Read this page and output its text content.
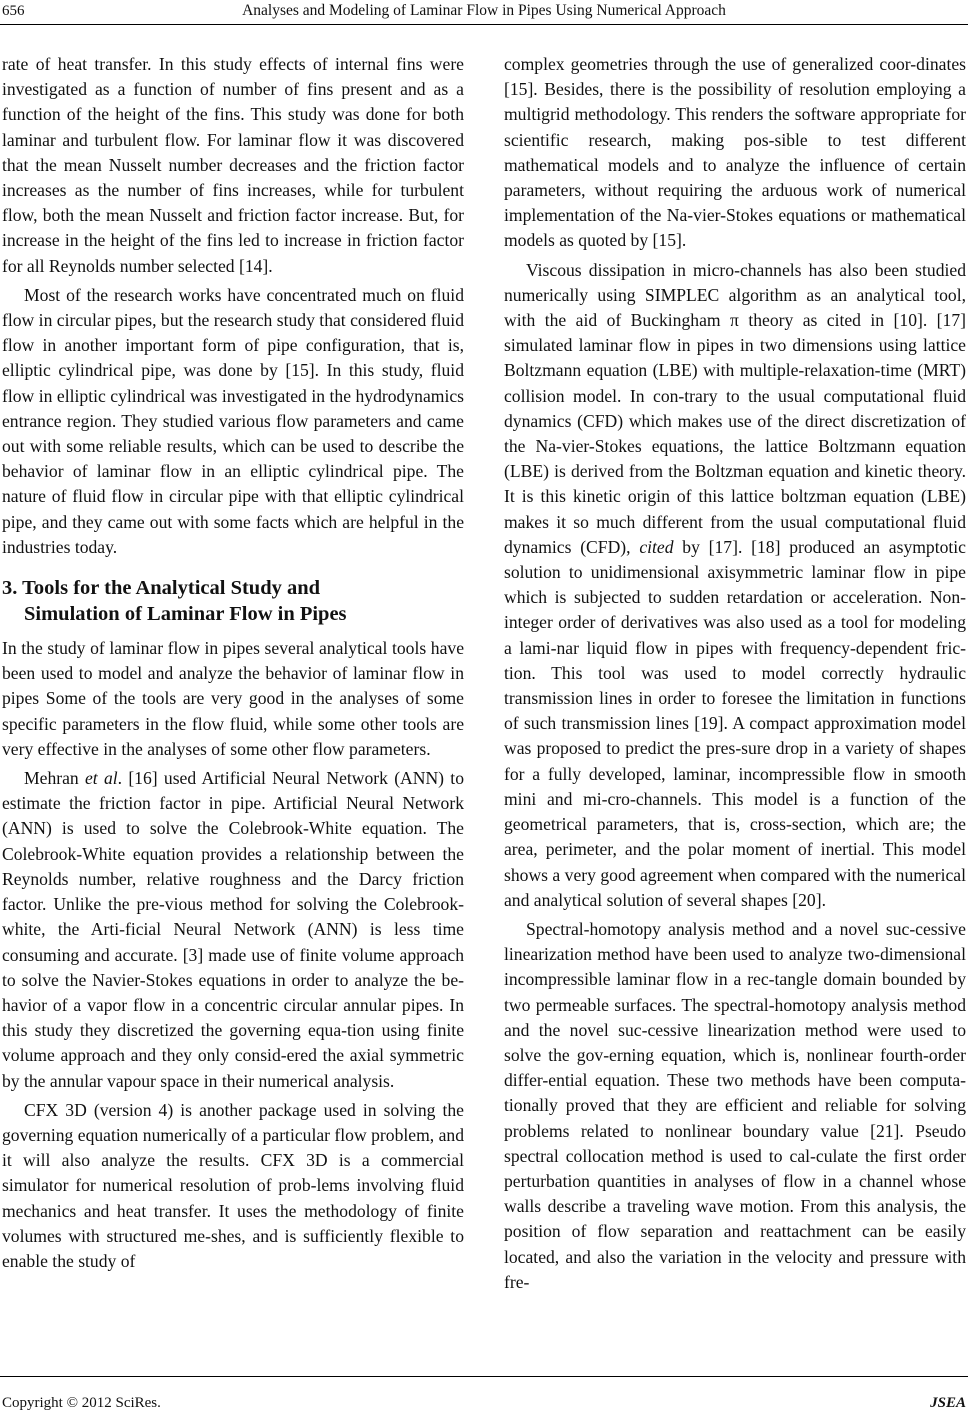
656	Analyses and Modeling of Laminar Flow in Pipes Using Numerical Approach

rate of heat transfer. In this study effects of internal fins were investigated as a function of number of fins present and as a function of the height of the fins. This study was done for both laminar and turbulent flow. For laminar flow it was discovered that the mean Nusselt number decreases and the friction factor increases as the number of fins increases, while for turbulent flow, both the mean Nusselt and friction factor increase. But, for increase in the height of the fins led to increase in friction factor for all Reynolds number selected [14].

Most of the research works have concentrated much on fluid flow in circular pipes, but the research study that considered fluid flow in another important form of pipe configuration, that is, elliptic cylindrical pipe, was done by [15]. In this study, fluid flow in elliptic cylindrical was investigated in the hydrodynamics entrance region. They studied various flow parameters and came out with some reliable results, which can be used to describe the behavior of laminar flow in an elliptic cylindrical pipe. The nature of fluid flow in circular pipe with that elliptic cylindrical pipe, and they came out with some facts which are helpful in the industries today.

3. Tools for the Analytical Study and
Simulation of Laminar Flow in Pipes

In the study of laminar flow in pipes several analytical tools have been used to model and analyze the behavior of laminar flow in pipes Some of the tools are very good in the analyses of some specific parameters in the flow fluid, while some other tools are very effective in the analyses of some other flow parameters.

Mehran et al. [16] used Artificial Neural Network (ANN) to estimate the friction factor in pipe. Artificial Neural Network (ANN) is used to solve the Colebrook-White equation. The Colebrook-White equation provides a relationship between the Reynolds number, relative roughness and the Darcy friction factor. Unlike the pre-vious method for solving the Colebrook-white, the Arti-ficial Neural Network (ANN) is less time consuming and accurate. [3] made use of finite volume approach to solve the Navier-Stokes equations in order to analyze the be-havior of a vapor flow in a concentric circular annular pipes. In this study they discretized the governing equa-tion using finite volume approach and they only consid-ered the axial symmetric by the annular vapour space in their numerical analysis.

CFX 3D (version 4) is another package used in solving the governing equation numerically of a particular flow problem, and it will also analyze the results. CFX 3D is a commercial simulator for numerical resolution of prob-lems involving fluid mechanics and heat transfer. It uses the methodology of finite volumes with structured me-shes, and is sufficiently flexible to enable the study of

complex geometries through the use of generalized coor-dinates [15]. Besides, there is the possibility of resolution employing a multigrid methodology. This renders the software appropriate for scientific research, making pos-sible to test different mathematical models and to analyze the influence of certain parameters, without requiring the arduous work of numerical implementation of the Na-vier-Stokes equations or mathematical models as quoted by [15].

Viscous dissipation in micro-channels has also been studied numerically using SIMPLEC algorithm as an analytical tool, with the aid of Buckingham π theory as cited in [10]. [17] simulated laminar flow in pipes in two dimensions using lattice Boltzmann equation (LBE) with multiple-relaxation-time (MRT) collision model. In con-trary to the usual computational fluid dynamics (CFD) which makes use of the direct discretization of the Na-vier-Stokes equations, the lattice Boltzmann equation (LBE) is derived from the Boltzman equation and kinetic theory. It is this kinetic origin of this lattice boltzman equation (LBE) makes it so much different from the usual computational fluid dynamics (CFD), cited by [17]. [18] produced an asymptotic solution to unidimensional axisymmetric laminar flow in pipe which is subjected to sudden retardation or acceleration. Non-integer order of derivatives was also used as a tool for modeling a lami-nar liquid flow in pipes with frequency-dependent fric-tion. This tool was used to model correctly hydraulic transmission lines in order to foresee the limitation in functions of such transmission lines [19]. A compact approximation model was proposed to predict the pres-sure drop in a variety of shapes for a fully developed, laminar, incompressible flow in smooth mini and mi-cro-channels. This model is a function of the geometrical parameters, that is, cross-section, which are; the area, perimeter, and the polar moment of inertial. This model shows a very good agreement when compared with the numerical and analytical solution of several shapes [20].

Spectral-homotopy analysis method and a novel suc-cessive linearization method have been used to analyze two-dimensional incompressible laminar flow in a rec-tangle domain bounded by two permeable surfaces. The spectral-homotopy analysis method and the novel suc-cessive linearization method were used to solve the gov-erning equation, which is, nonlinear fourth-order differ-ential equation. These two methods have been computa-tionally proved that they are efficient and reliable for solving problems related to nonlinear boundary value [21]. Pseudo spectral collocation method is used to cal-culate the first order perturbation quantities in analyses of flow in a channel whose walls describe a traveling wave motion. From this analysis, the position of flow separation and reattachment can be easily located, and also the variation in the velocity and pressure with fre-

Copyright © 2012 SciRes.	JSEA
